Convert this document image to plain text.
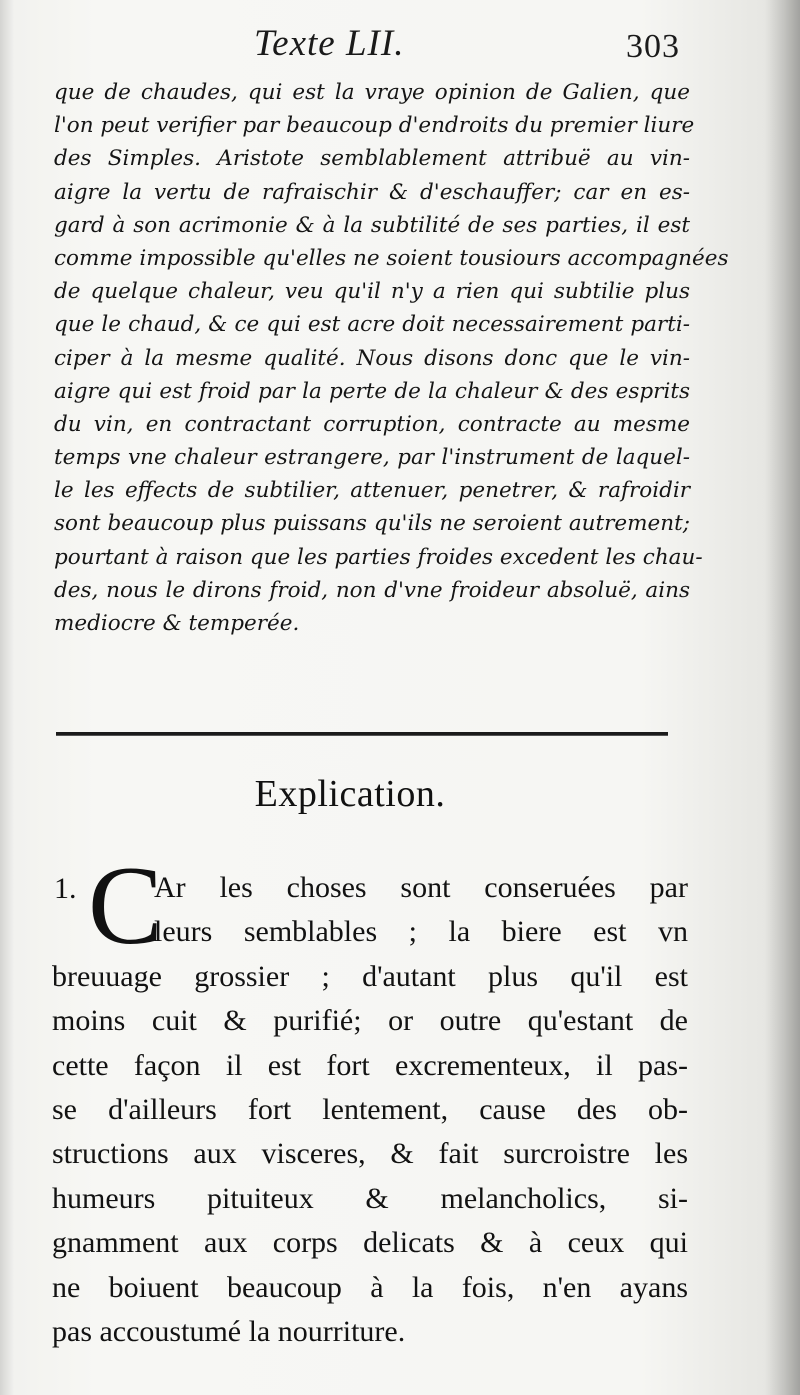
Texte LII.	303
que de chaudes, qui est la vraye opinion de Galien, que
l'on peut verifier par beaucoup d'endroits du premier liure
des Simples. Aristote semblablement attribuë au vin-
aigre la vertu de rafraischir & d'eschauffer; car en es-
gard à son acrimonie & à la subtilité de ses parties, il est
comme impossible qu'elles ne soient tousiours accompagnées
de quelque chaleur, veu qu'il n'y a rien qui subtilie plus
que le chaud, & ce qui est acre doit necessairement parti-
ciper à la mesme qualité. Nous disons donc que le vin-
aigre qui est froid par la perte de la chaleur & des esprits
du vin, en contractant corruption, contracte au mesme
temps vne chaleur estrangere, par l'instrument de laquel-
le les effects de subtilier, attenuer, penetrer, & rafroidir
sont beaucoup plus puissans qu'ils ne seroient autrement;
pourtant à raison que les parties froides excedent les chau-
des, nous le dirons froid, non d'vne froideur absoluë, ains
mediocre & temperée.
Explication.
1. C
Ar les choses sont conseruées par
leurs semblables ; la biere est vn
breuuage grossier ; d'autant plus qu'il est
moins cuit & purifié; or outre qu'estant de
cette façon il est fort excrementeux, il pas-
se d'ailleurs fort lentement, cause des ob-
structions aux visceres, & fait surcroistre les
humeurs pituiteux & melancholics, si-
gnamment aux corps delicats & à ceux qui
ne boiuent beaucoup à la fois, n'en ayans
pas accoustumé la nourriture.
